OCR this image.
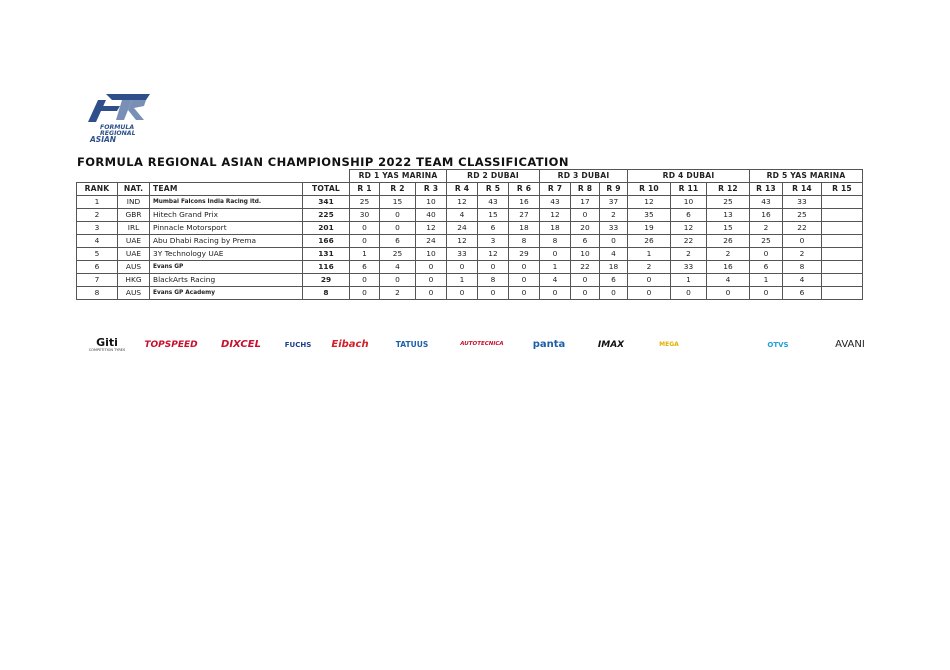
FORMULA
REGIONAL
ASIAN
FORMULA REGIONAL ASIAN CHAMPIONSHIP 2022 TEAM CLASSIFICATION
				RD 1 YAS MARINA			RD 2 DUBAI			RD 3 DUBAI			RD 4 DUBAI			RD 5 YAS MARINA		
RANK	NAT.	TEAM	TOTAL	R 1	R 2	R 3	R 4	R 5	R 6	R 7	R 8	R 9	R 10	R 11	R 12	R 13	R 14	R 15
1	IND	Mumbai Falcons India Racing ltd.	341	25	15	10	12	43	16	43	17	37	12	10	25	43	33	
2	GBR	Hitech Grand Prix	225	30	0	40	4	15	27	12	0	2	35	6	13	16	25	
3	IRL	Pinnacle Motorsport	201	0	0	12	24	6	18	18	20	33	19	12	15	2	22	
4	UAE	Abu Dhabi Racing by Prema	166	0	6	24	12	3	8	8	6	0	26	22	26	25	0	
5	UAE	3Y Technology UAE	131	1	25	10	33	12	29	0	10	4	1	2	2	0	2	
6	AUS	Evans GP	116	6	4	0	0	0	0	1	22	18	2	33	16	6	8	
7	HKG	BlackArts Racing	29	0	0	0	1	8	0	4	0	6	0	1	4	1	4	
8	AUS	Evans GP Academy	8	0	2	0	0	0	0	0	0	0	0	0	0	0	6	
Giti
COMPETITION TYRES
TOPSPEED DIXCEL	FUCHS Eibach	TATUUS	AUTOTECNICA	panta	IMAX	MEGA	OTVS	AVANI
